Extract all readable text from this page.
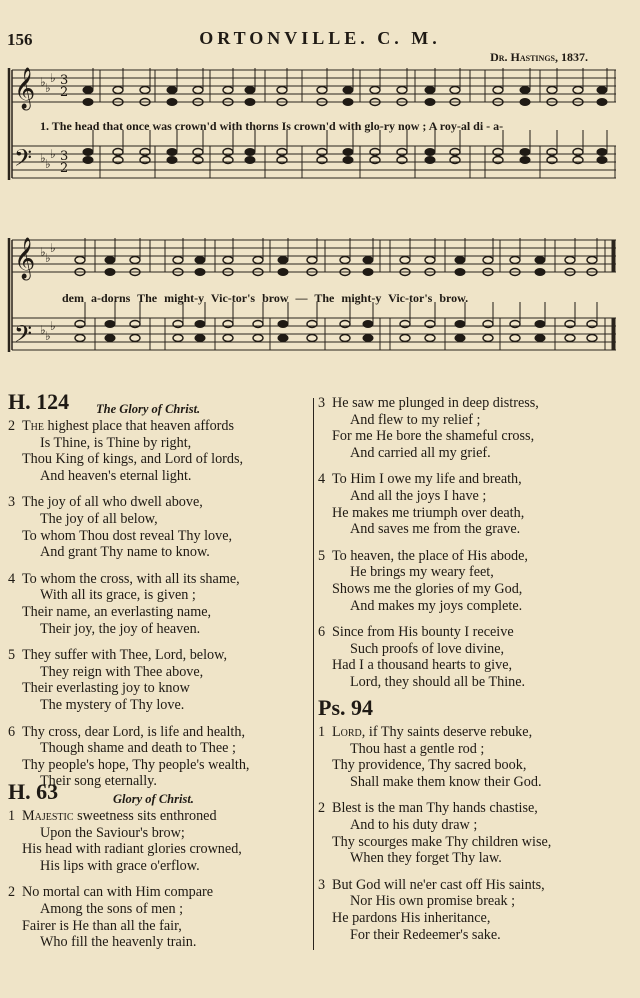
156	ORTONVILLE. C. M.
Dr. Hastings, 1837.
𝄞
𝄢
𝄞
𝄢
♭ ♭
♭
♭ ♭
♭
♭ ♭
♭
♭ ♭
♭
3
2
3
2
1. The head that once was crown'd with thorns Is crown'd with glo-ry now ; A roy-al di - a-
dem a-dorns The might-y Vic-tor's brow — The might-y Vic-tor's brow.
H. 124 The Glory of Christ.
2 The highest place that heaven affords
Is Thine, is Thine by right,
Thou King of kings, and Lord of lords,
And heaven's eternal light.
3 The joy of all who dwell above,
The joy of all below,
To whom Thou dost reveal Thy love,
And grant Thy name to know.
4 To whom the cross, with all its shame,
With all its grace, is given ;
Their name, an everlasting name,
Their joy, the joy of heaven.
5 They suffer with Thee, Lord, below,
They reign with Thee above,
Their everlasting joy to know
The mystery of Thy love.
6 Thy cross, dear Lord, is life and health,
Though shame and death to Thee ;
Thy people's hope, Thy people's wealth,
Their song eternally.
H. 63	Glory of Christ.
1 Majestic sweetness sits enthroned
Upon the Saviour's brow;
His head with radiant glories crowned,
His lips with grace o'erflow.
2 No mortal can with Him compare
Among the sons of men ;
Fairer is He than all the fair,
Who fill the heavenly train.
3 He saw me plunged in deep distress,
And flew to my relief ;
For me He bore the shameful cross,
And carried all my grief.
4 To Him I owe my life and breath,
And all the joys I have ;
He makes me triumph over death,
And saves me from the grave.
5 To heaven, the place of His abode,
He brings my weary feet,
Shows me the glories of my God,
And makes my joys complete.
6 Since from His bounty I receive
Such proofs of love divine,
Had I a thousand hearts to give,
Lord, they should all be Thine.
Ps. 94
1 Lord, if Thy saints deserve rebuke,
Thou hast a gentle rod ;
Thy providence, Thy sacred book,
Shall make them know their God.
2 Blest is the man Thy hands chastise,
And to his duty draw ;
Thy scourges make Thy children wise,
When they forget Thy law.
3 But God will ne'er cast off His saints,
Nor His own promise break ;
He pardons His inheritance,
For their Redeemer's sake.
